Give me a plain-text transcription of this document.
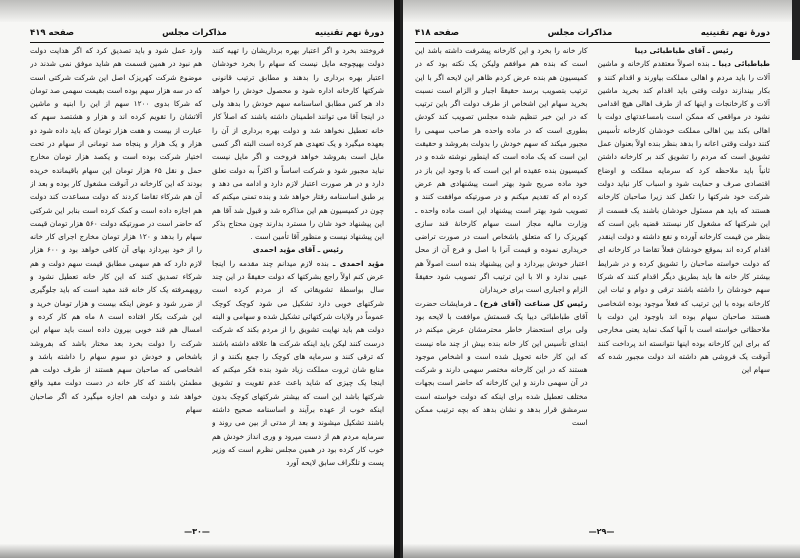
دورهٔ نهم تقنینیه
مذاکرات مجلس
صفحه ۴۱۹

فروختند بخرد و اگر اعتبار بهره برداریشان را تهیه کنند دولت بهیچوجه مایل نیست که سهام را بخرد خودشان اعتبار بهره برداری را بدهند و مطابق ترتیب قانونی شرکتها کارخانه اداره شود و محصول خودش را خواهد داد هر کس مطابق اساسنامه سهم خودش را بدهد ولی در اینجا آقا می توانند اطمینان داشته باشند که اصلاً کار خانه تعطیل نخواهد شد و دولت بهره برداری از آن را بعهده میگیرد و یک تعهدی هم کرده است البته اگر کسی مایل است بفروشد خواهد فروخت و اگر مایل نیست نباید مجبور شود و شرکت اساساً و اکثراً به دولت تعلق دارد و در هر صورت اعتبار لازم دارد و ادامه می دهد و بر طبق اساسنامه رفتار خواهد شد و بنده تمنی میکنم که چون در کمیسیون هم این مذاکره شد و قبول شد آقا هم این پیشنهاد خود شان را مسترد بدارند چون محتاج بذکر این پیشنهاد نیست و منظور آقا تأمین است .

رئیس ـ آقای مؤید احمدی

مؤید احمدی ـ بنده لازم میدانم چند مقدمه را اینجا عرض کنم اولاً راجع بشرکتها که دولت حقیقةً در این چند سال بواسطهٔ تشویقاتی که از مردم کرده است شرکتهای خوبی دارد تشکیل می شود کوچک کوچک عموماً در ولایات شرکتهائی تشکیل شده و سهامی و البته دولت هم باید نهایت تشویق را از مردم بکند که شرکت درست کنند لیکن باید اینکه شرکت ها علاقه داشته باشند که ترقی کنند و سرمایه های کوچک را جمع بکنند و از منابع شان ثروت مملکت زیاد شود بنده فکر میکنم که اینجا یک چیزی که شاید باعث عدم تقویت و تشویق شرکتها باشد این است که بیشتر شرکتهای کوچک بدون اینکه خوب از عهده برآیند و اساسنامه صحیح داشته باشند تشکیل میشوند و بعد از مدتی از بین می روند و سرمایه مردم هم از دست میرود و وری انداز خودش هم خوب کار کرده بود در همین مجلس نظرم است که وزیر پست و تلگراف سابق لایحه آورد

وارد عمل شود و باید تصدیق کرد که اگر هدایت دولت هم نبود در همین قسمت هم شاید موفق نمی شدند در موضوع شرکت کهریزک اصل این شرکت شرکتی است که در سه هزار سهم بوده است بقیمت سهمی صد تومان که شرکا بدوی ۱۲۰۰ سهم از این را ابنیه و ماشین آلاتشان را تقویم کرده اند و هزار و هشتصد سهم که عبارت از بیست و هفت هزار تومان که باید داده شود دو هزار و یک هزار و پنجاه صد تومانی از سهام در تحت اختیار شرکت بوده است و یکصد هزار تومان مخارج حمل و نقل ۶۵ هزار تومان این سهام باقیمانده خریده بودند که این کارخانه در آنوقت مشغول کار بوده و بعد از آن هم شرکاء تقاضا کردند که دولت مساعدت کند دولت هم اجازه داده است و کمک کرده است بنابر این شرکتی که حاضر است در صورتیکه دولت ۵۶۰ هزار تومان قیمت سهام را بدهد و ۱۲۰ هزار تومان مخارج اجرای کار خانه را از خود بپردازد بهای آن کافی خواهد بود و ۶۰۰ هزار لازم دارد که هم سهمی مطابق قیمت سهم دولت و هم شرکاء تصدیق کنند که این کار خانه تعطیل نشود و رویهمرفته یک کار خانه قند مفید است که باید جلوگیری از ضرر شود و عوض اینکه بیست و هزار تومان خرید و این شرکت بکار افتاده است ۸ ماه هم کار کرده و امسال هم قند خوبی بیرون داده است باید سهام این شرکت را دولت بخرد بعد مختار باشد که بفروشد باشخاص و خودش دو سوم سهام را داشته باشد و اشخاصی که صاحبان سهم هستند از طرف دولت هم مطمئن باشند که کار خانه در دست دولت مفید واقع خواهد شد و دولت هم اجازه میگیرد که اگر صاحبان سهام

—۳۰—
دورهٔ نهم تقنینیه
مذاکرات مجلس
صفحه ۴۱۸
رئیس ـ آقای طباطبائی دیبا

طباطبائی دیبا ـ بنده اصولاً معتقدم کارخانه و ماشین آلات را باید مردم و اهالی مملکت بیاورند و اقدام کنند و بکار بیندازند دولت وقتی باید اقدام کند بخرید ماشین آلات و کارخانجات و اینها که از طرف اهالی هیچ اقدامی نشود در مواقعی که ممکن است بامساعدتهای دولت با اهالی بکند بین اهالی مملکت خودشان کارخانه تأسیس کنند دولت وقتی اعانه را بدهد بنظر بنده اولاً بعنوان عمل تشویق است که مردم را تشویق کند بر کارخانه داشتن ثانیاً باید ملاحظه کرد که سرمایه مملکت و اوضاع اقتصادی صرف و حمایت شود و اسباب کار نباید دولت شرکت خود شرکتها را تکفل کند زیرا صاحبان کارخانه هستند که باید هم مسئول خودشان باشند یک قسمت از این شرکتها که مشغول کار نیستند قضیه باین است که بنظر من قیمت کارخانه آورده و نفع داشته و دولت اینقدر اقدام کرده اند بموقع خودشان فعلاً تقاضا در کارخانه ای که دولت خواسته صاحبان را تشویق کرده و در شرایط بیشتر کار خانه ها باید بطریق دیگر اقدام کنند که شرکا سهم خودشان را داشته باشند ترقی و دوام و ثبات این کارخانه بوده با این ترتیب که فعلاً موجود بوده اشخاصی هستند صاحبان سهام بوده اند باوجود این دولت با ملاحظاتی خواسته است با آنها کمک نماید یعنی مخارجی که برای این کارخانه بوده اینها نتوانسته اند پرداخت کنند آنوقت یک فروشی هم داشته اند دولت مجبور شده که سهام این

کار خانه را بخرد و این کارخانه پیشرفت داشته باشد این است که بنده هم موافقم ولیکن یک نکته بود که در کمیسیون هم بنده عرض کردم ظاهر این لایحه اگر با این ترتیب بتصویب برسد حقیقةً اجبار و الزام است نسبت بخرید سهام این اشخاص از طرف دولت اگر باین ترتیب که در این خبر تنظیم شده مجلس تصویب کند کودش بطوری است که در ماده واحده هر صاحب سهمی را مجبور میکند که سهم خودش را بدولت بفروشد و حقیقت این است که یک ماده است که اینطور نوشته شده و در کمیسیون بنده عقیده ام این است که با وجود این باز در خود ماده صریح شود بهتر است پیشنهادی هم عرض کرده ام که تقدیم میکنم و در صورتیکه موافقت کنند و تصویب شود بهتر است پیشنهاد این است ماده واحده ـ وزارت مالیه مجاز است سهام کارخانهٔ قند سازی کهریزک را که متعلق باشخاص است در صورت تراضی خریداری نموده و قیمت آنرا با اصل و فرع آن از محل اعتبار خودش بپردازد و این پیشنهاد بنده است اصولاً هم عیبی ندارد و الا با این ترتیب اگر تصویب شود حقیقةً الزام و اجباری است برای خریداران

رئیس کل صناعت (آقای فرخ) ـ فرمایشات حضرت آقای طباطبائی دیبا یک قسمتش موافقت با لایحه بود ولی برای استحضار خاطر محترمشان عرض میکنم در ابتدای تأسیس این کار خانه بنده بیش از چند ماه نیست که این کار خانه تحویل شده است و اشخاص موجود هستند که در این کارخانه مختصر سهمی دارند و شرکت در آن سهمی دارند و این کارخانه که حاضر است بجهات مختلف تعطیل شده برای اینکه که دولت خواسته است سرمشق قرار بدهد و نشان بدهد که بچه ترتیب ممکن است

—۲۹—
